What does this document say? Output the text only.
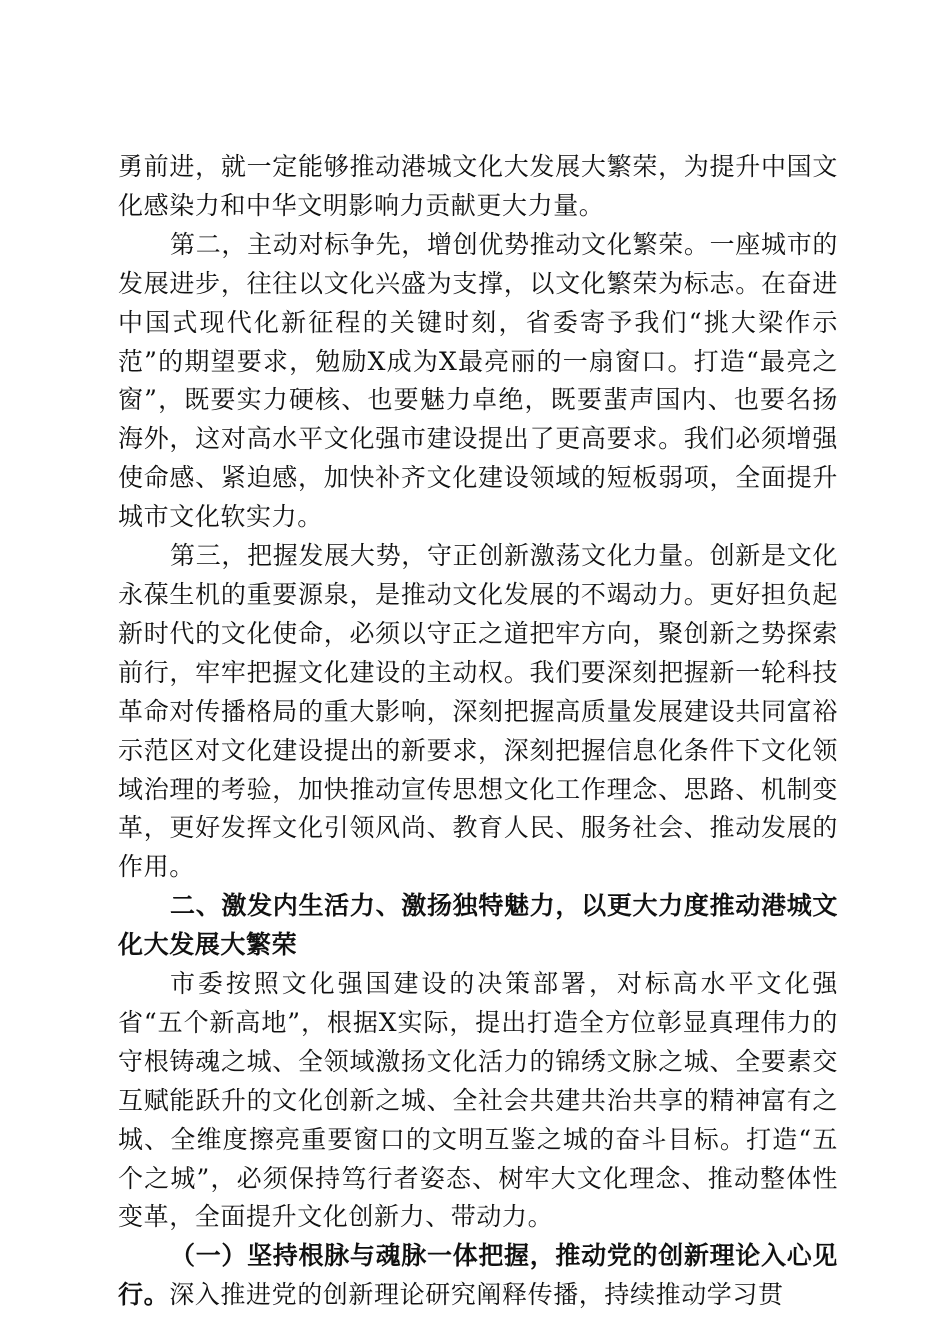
勇前进，就一定能够推动港城文化大发展大繁荣，为提升中国文化感染力和中华文明影响力贡献更大力量。

第二，主动对标争先，增创优势推动文化繁荣。一座城市的发展进步，往往以文化兴盛为支撑，以文化繁荣为标志。在奋进中国式现代化新征程的关键时刻，省委寄予我们“挑大梁作示范”的期望要求，勉励X成为X最亮丽的一扇窗口。打造“最亮之窗”，既要实力硬核、也要魅力卓绝，既要蜚声国内、也要名扬海外，这对高水平文化强市建设提出了更高要求。我们必须增强使命感、紧迫感，加快补齐文化建设领域的短板弱项，全面提升城市文化软实力。

第三，把握发展大势，守正创新激荡文化力量。创新是文化永葆生机的重要源泉，是推动文化发展的不竭动力。更好担负起新时代的文化使命，必须以守正之道把牢方向，聚创新之势探索前行，牢牢把握文化建设的主动权。我们要深刻把握新一轮科技革命对传播格局的重大影响，深刻把握高质量发展建设共同富裕示范区对文化建设提出的新要求，深刻把握信息化条件下文化领域治理的考验，加快推动宣传思想文化工作理念、思路、机制变革，更好发挥文化引领风尚、教育人民、服务社会、推动发展的作用。

二、激发内生活力、激扬独特魅力，以更大力度推动港城文化大发展大繁荣

市委按照文化强国建设的决策部署，对标高水平文化强省“五个新高地”，根据X实际，提出打造全方位彰显真理伟力的守根铸魂之城、全领域激扬文化活力的锦绣文脉之城、全要素交互赋能跃升的文化创新之城、全社会共建共治共享的精神富有之城、全维度擦亮重要窗口的文明互鉴之城的奋斗目标。打造“五个之城”，必须保持笃行者姿态、树牢大文化理念、推动整体性变革，全面提升文化创新力、带动力。

（一）坚持根脉与魂脉一体把握，推动党的创新理论入心见行。深入推进党的创新理论研究阐释传播，持续推动学习贯
